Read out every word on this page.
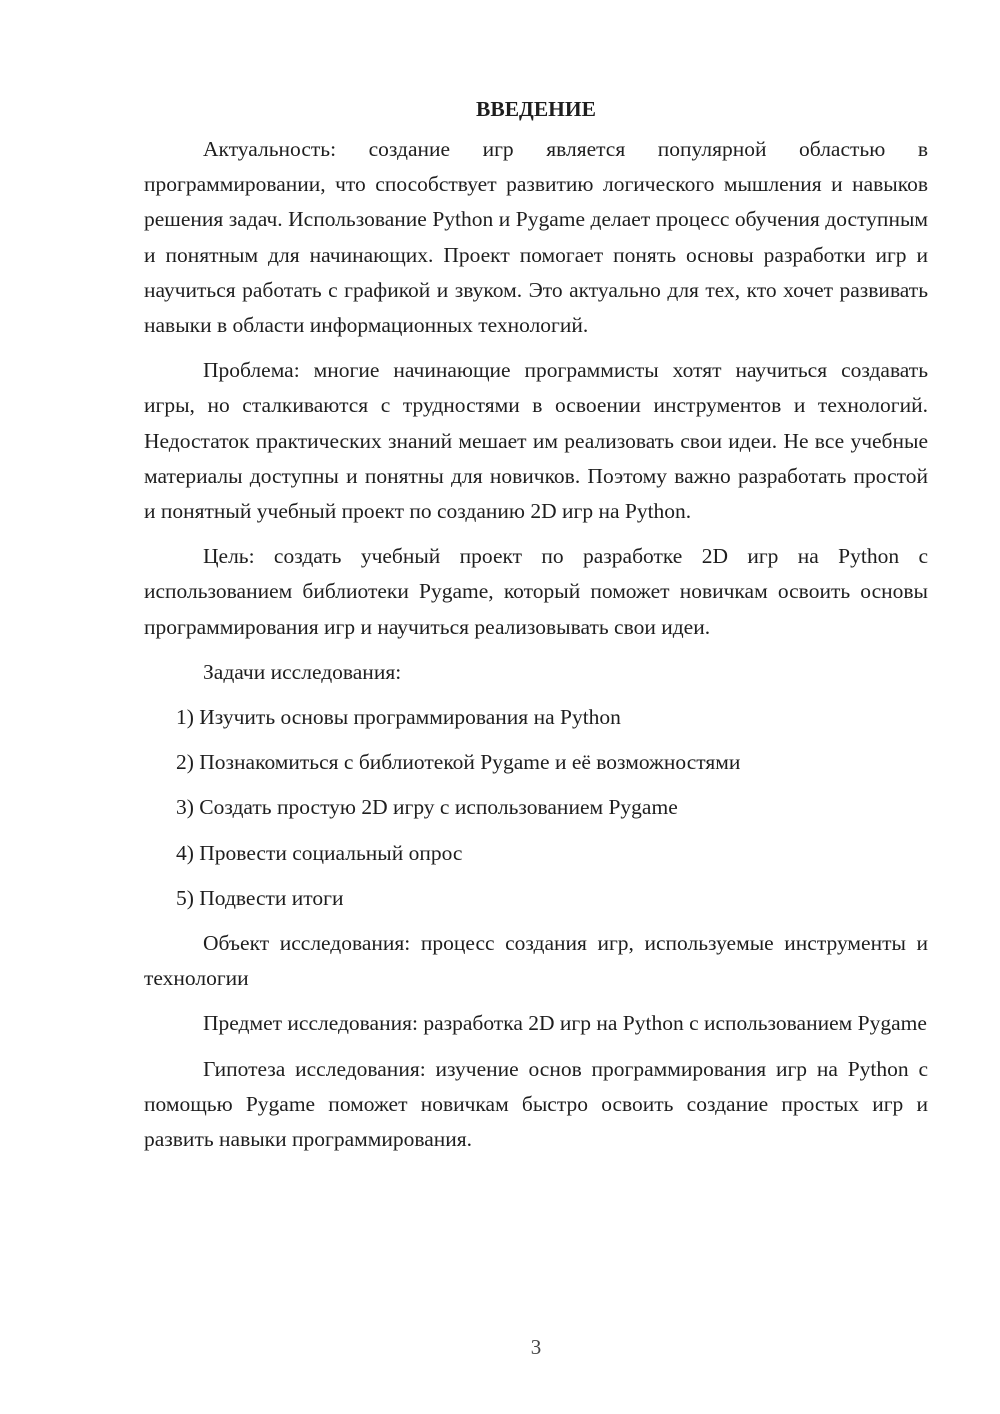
ВВЕДЕНИЕ

Актуальность: создание игр является популярной областью в программировании, что способствует развитию логического мышления и навыков решения задач. Использование Python и Pygame делает процесс обучения доступным и понятным для начинающих. Проект помогает понять основы разработки игр и научиться работать с графикой и звуком. Это актуально для тех, кто хочет развивать навыки в области информационных технологий.

Проблема: многие начинающие программисты хотят научиться создавать игры, но сталкиваются с трудностями в освоении инструментов и технологий. Недостаток практических знаний мешает им реализовать свои идеи. Не все учебные материалы доступны и понятны для новичков. Поэтому важно разработать простой и понятный учебный проект по созданию 2D игр на Python.

Цель: создать учебный проект по разработке 2D игр на Python с использованием библиотеки Pygame, который поможет новичкам освоить основы программирования игр и научиться реализовывать свои идеи.

Задачи исследования:

1) Изучить основы программирования на Python
2) Познакомиться с библиотекой Pygame и её возможностями
3) Создать простую 2D игру с использованием Pygame
4) Провести социальный опрос
5) Подвести итоги

Объект исследования: процесс создания игр, используемые инструменты и технологии

Предмет исследования: разработка 2D игр на Python с использованием Pygame

Гипотеза исследования: изучение основ программирования игр на Python с помощью Pygame поможет новичкам быстро освоить создание простых игр и развить навыки программирования.

3
